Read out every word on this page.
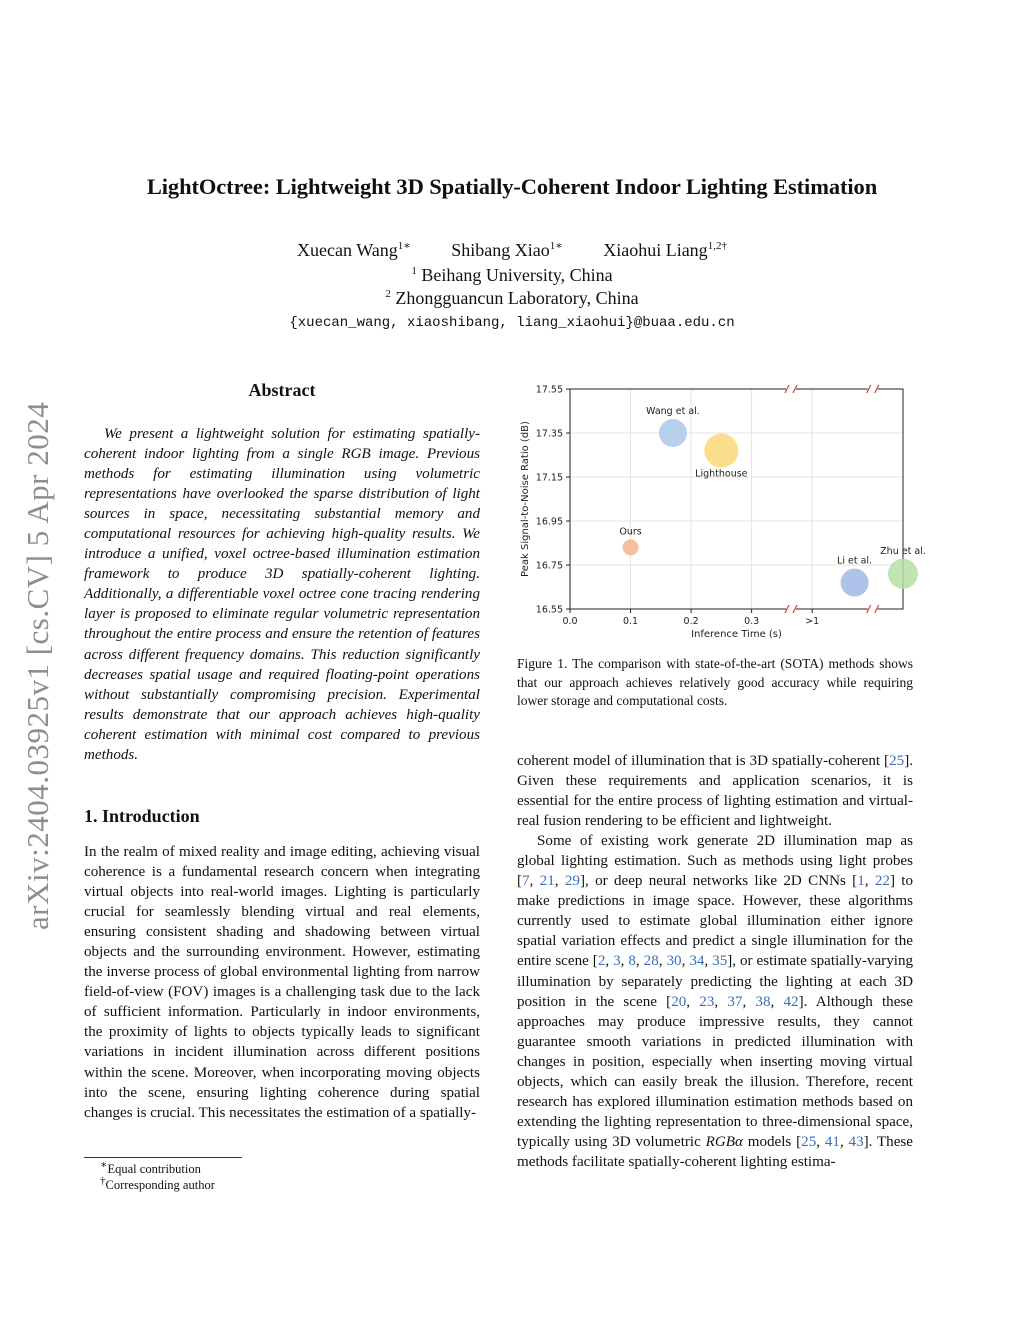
LightOctree: Lightweight 3D Spatially-Coherent Indoor Lighting Estimation
Xuecan Wang$^{1∗}$ Shibang Xiao$^{1∗}$ Xiaohui Liang$^{1,2\dagger}$
$^1$ Beihang University, China
$^2$ Zhongguancun Laboratory, China
{xuecan_wang, xiaoshibang, liang_xiaohui}@buaa.edu.cn
arXiv:2404.03925v1 [cs.CV] 5 Apr 2024
Abstract

We present a lightweight solution for estimating spatially-coherent indoor lighting from a single RGB image. Previous methods for estimating illumination using volumetric representations have overlooked the sparse distribution of light sources in space, necessitating substantial memory and computational resources for achieving high-quality results. We introduce a unified, voxel octree-based illumination estimation framework to produce 3D spatially-coherent lighting. Additionally, a differentiable voxel octree cone tracing rendering layer is proposed to eliminate regular volumetric representation throughout the entire process and ensure the retention of features across different frequency domains. This reduction significantly decreases spatial usage and required floating-point operations without substantially compromising precision. Experimental results demonstrate that our approach achieves high-quality coherent estimation with minimal cost compared to previous methods.

1. Introduction

In the realm of mixed reality and image editing, achieving visual coherence is a fundamental research concern when integrating virtual objects into real-world images. Lighting is particularly crucial for seamlessly blending virtual and real elements, ensuring consistent shading and shadowing between virtual objects and the surrounding environment. However, estimating the inverse process of global environmental lighting from narrow field-of-view (FOV) images is a challenging task due to the lack of sufficient information. Particularly in indoor environments, the proximity of lights to objects typically leads to significant variations in incident illumination across different positions within the scene. Moreover, when incorporating moving objects into the scene, ensuring lighting coherence during spatial changes is crucial. This necessitates the estimation of a spatially-

∗Equal contribution
†Corresponding author
0.0	0.1	0.2	0.3	>1
16.55
16.75
16.95
17.15
17.35
17.55
Ours
Wang et al.
Lighthouse
Li et al.
Zhu et al.
Inference Time (s)
Peak Signal-to-Noise Ratio (dB)
Figure 1. The comparison with state-of-the-art (SOTA) methods shows that our approach achieves relatively good accuracy while requiring lower storage and computational costs.

coherent model of illumination that is 3D spatially-coherent [25]. Given these requirements and application scenarios, it is essential for the entire process of lighting estimation and virtual-real fusion rendering to be efficient and lightweight.

Some of existing work generate 2D illumination map as global lighting estimation. Such as methods using light probes [7, 21, 29], or deep neural networks like 2D CNNs [1, 22] to make predictions in image space. However, these algorithms currently used to estimate global illumination either ignore spatial variation effects and predict a single illumination for the entire scene [2, 3, 8, 28, 30, 34, 35], or estimate spatially-varying illumination by separately predicting the lighting at each 3D position in the scene [20, 23, 37, 38, 42]. Although these approaches may produce impressive results, they cannot guarantee smooth variations in predicted illumination with changes in position, especially when inserting moving virtual objects, which can easily break the illusion. Therefore, recent research has explored illumination estimation methods based on extending the lighting representation to three-dimensional space, typically using 3D volumetric RGBα models [25, 41, 43]. These methods facilitate spatially-coherent lighting estima-
